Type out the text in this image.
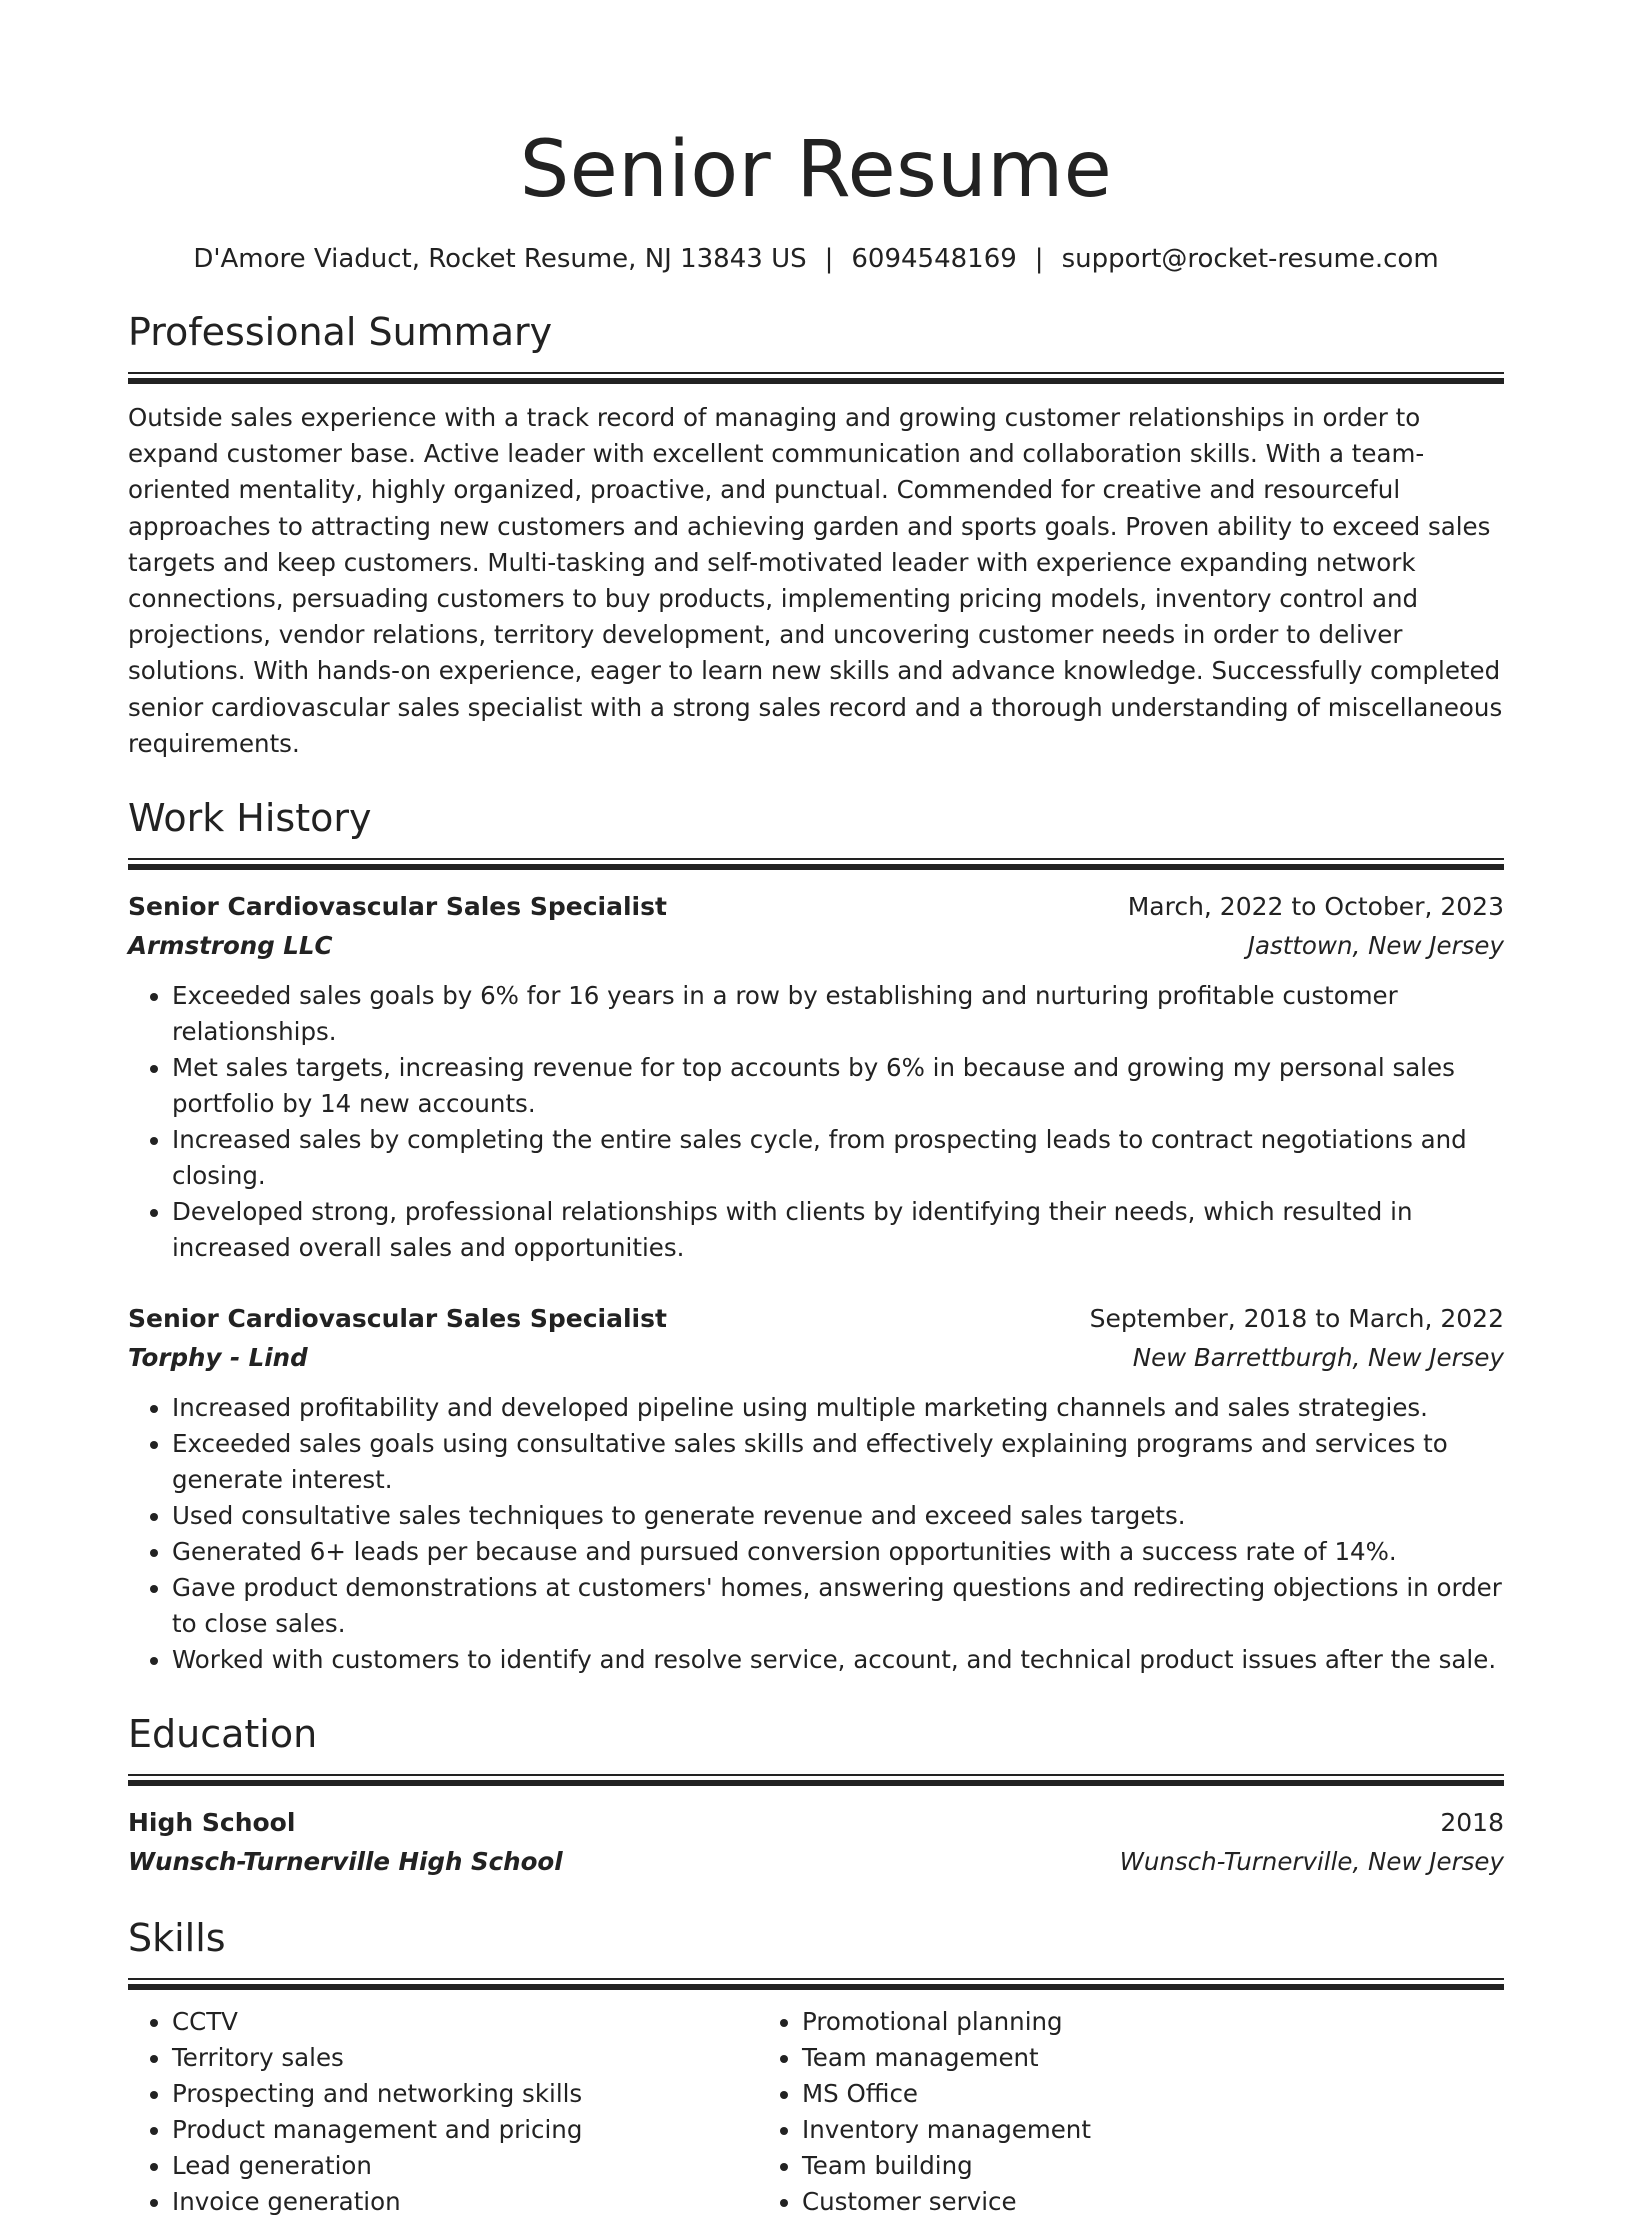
Senior Resume
D'Amore Viaduct, Rocket Resume, NJ 13843 US | 6094548169 | support@rocket-resume.com
Professional Summary

Outside sales experience with a track record of managing and growing customer relationships in order to expand customer base. Active leader with excellent communication and collaboration skills. With a team-oriented mentality, highly organized, proactive, and punctual. Commended for creative and resourceful approaches to attracting new customers and achieving garden and sports goals. Proven ability to exceed sales targets and keep customers. Multi-tasking and self-motivated leader with experience expanding network connections, persuading customers to buy products, implementing pricing models, inventory control and projections, vendor relations, territory development, and uncovering customer needs in order to deliver solutions. With hands-on experience, eager to learn new skills and advance knowledge. Successfully completed senior cardiovascular sales specialist with a strong sales record and a thorough understanding of miscellaneous requirements.

Work History
Senior Cardiovascular Sales Specialist	March, 2022 to October, 2023
Armstrong LLC	Jasttown, New Jersey
• Exceeded sales goals by 6% for 16 years in a row by establishing and nurturing profitable customer relationships.
• Met sales targets, increasing revenue for top accounts by 6% in because and growing my personal sales portfolio by 14 new accounts.
• Increased sales by completing the entire sales cycle, from prospecting leads to contract negotiations and closing.
• Developed strong, professional relationships with clients by identifying their needs, which resulted in increased overall sales and opportunities.
Senior Cardiovascular Sales Specialist	September, 2018 to March, 2022
Torphy - Lind	New Barrettburgh, New Jersey
• Increased profitability and developed pipeline using multiple marketing channels and sales strategies.
• Exceeded sales goals using consultative sales skills and effectively explaining programs and services to generate interest.
• Used consultative sales techniques to generate revenue and exceed sales targets.
• Generated 6+ leads per because and pursued conversion opportunities with a success rate of 14%.
• Gave product demonstrations at customers' homes, answering questions and redirecting objections in order to close sales.
• Worked with customers to identify and resolve service, account, and technical product issues after the sale.
Education
High School	2018
Wunsch-Turnerville High School	Wunsch-Turnerville, New Jersey
Skills
• CCTV
• Territory sales
• Prospecting and networking skills
• Product management and pricing
• Lead generation
• Invoice generation
• Promotional planning
• Team management
• MS Office
• Inventory management
• Team building
• Customer service
